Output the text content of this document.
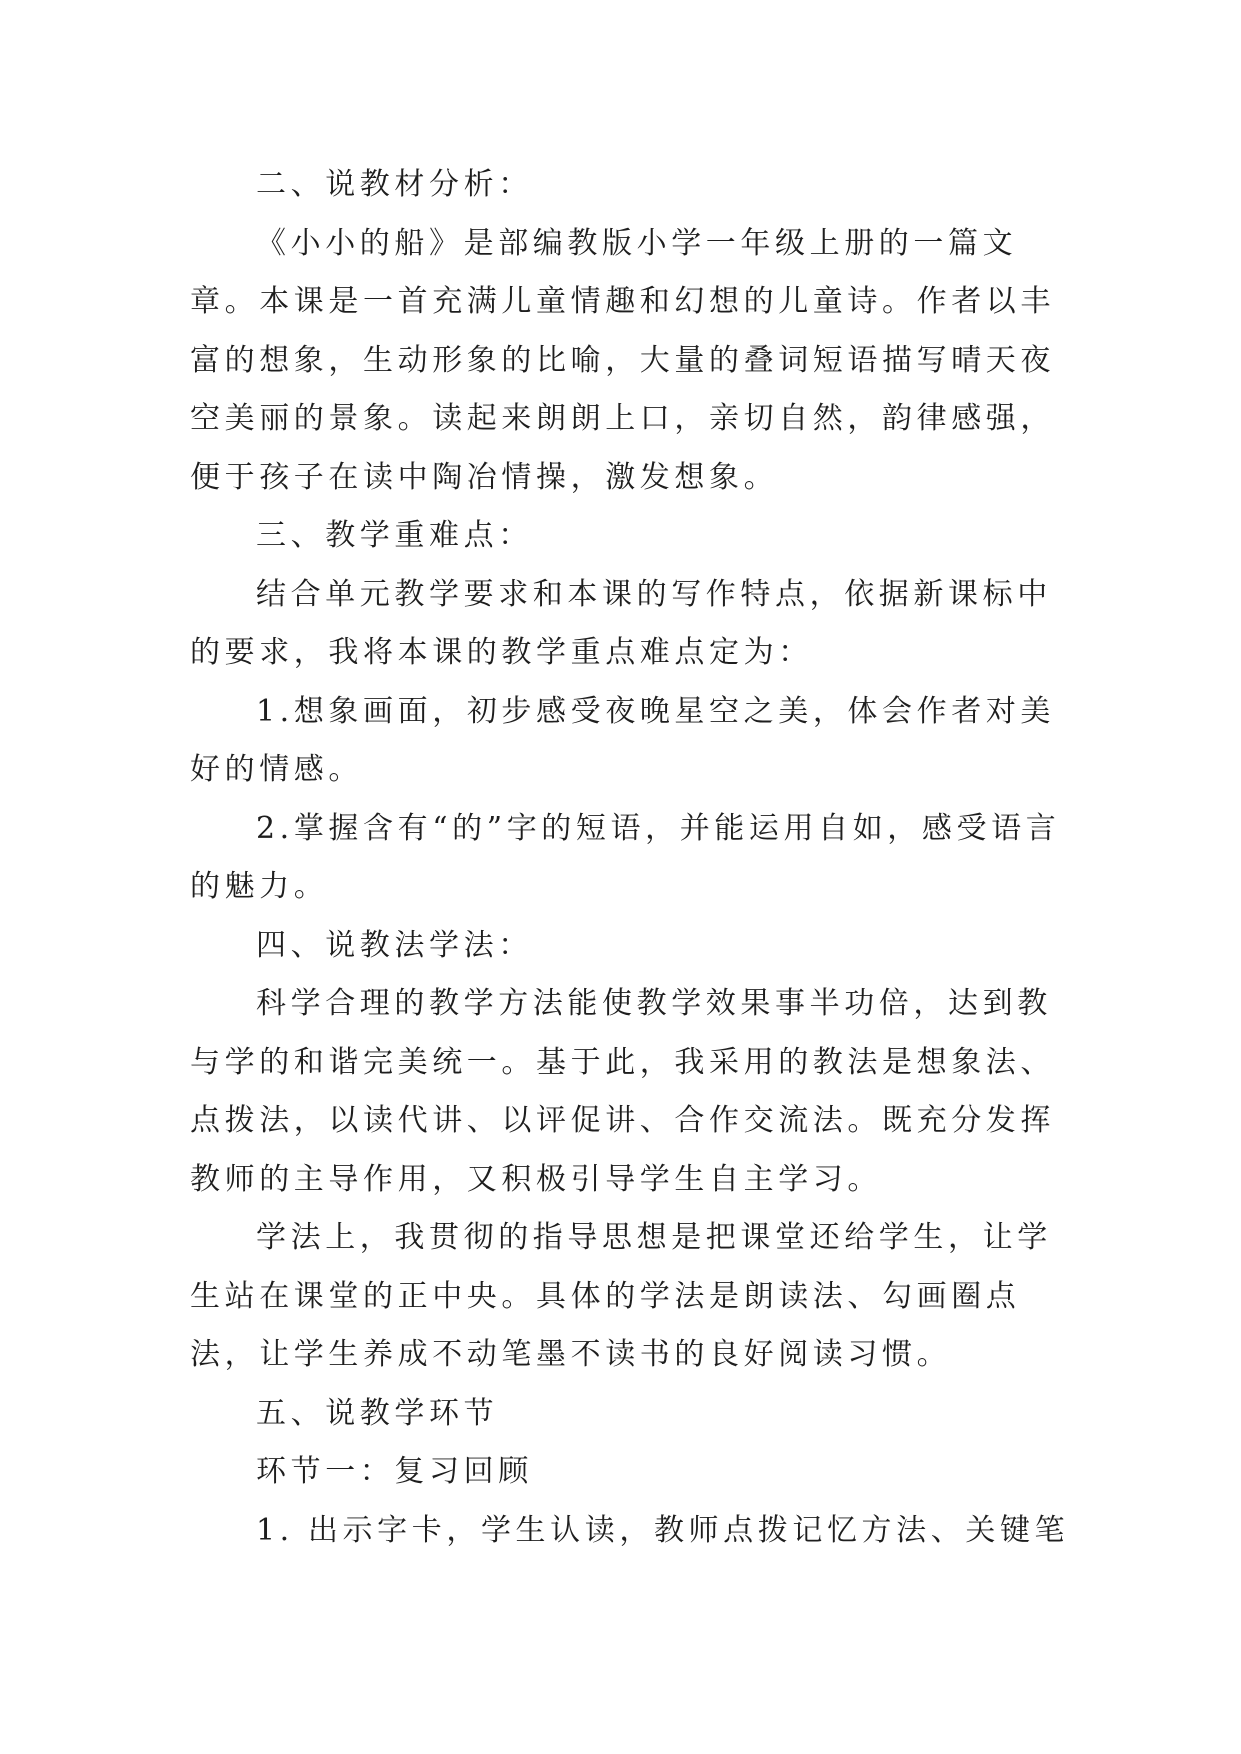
二、说教材分析：

《小小的船》是部编教版小学一年级上册的一篇文章。本课是一首充满儿童情趣和幻想的儿童诗。作者以丰富的想象，生动形象的比喻，大量的叠词短语描写晴天夜空美丽的景象。读起来朗朗上口，亲切自然，韵律感强，便于孩子在读中陶冶情操，激发想象。

三、教学重难点：

结合单元教学要求和本课的写作特点，依据新课标中的要求，我将本课的教学重点难点定为：

1.想象画面，初步感受夜晚星空之美，体会作者对美好的情感。

2.掌握含有“的”字的短语，并能运用自如，感受语言的魅力。

四、说教法学法：

科学合理的教学方法能使教学效果事半功倍，达到教与学的和谐完美统一。基于此，我采用的教法是想象法、点拨法，以读代讲、以评促讲、合作交流法。既充分发挥教师的主导作用，又积极引导学生自主学习。

学法上，我贯彻的指导思想是把课堂还给学生，让学生站在课堂的正中央。具体的学法是朗读法、勾画圈点法，让学生养成不动笔墨不读书的良好阅读习惯。

五、说教学环节

环节一：复习回顾

1. 出示字卡，学生认读，教师点拨记忆方法、关键笔
